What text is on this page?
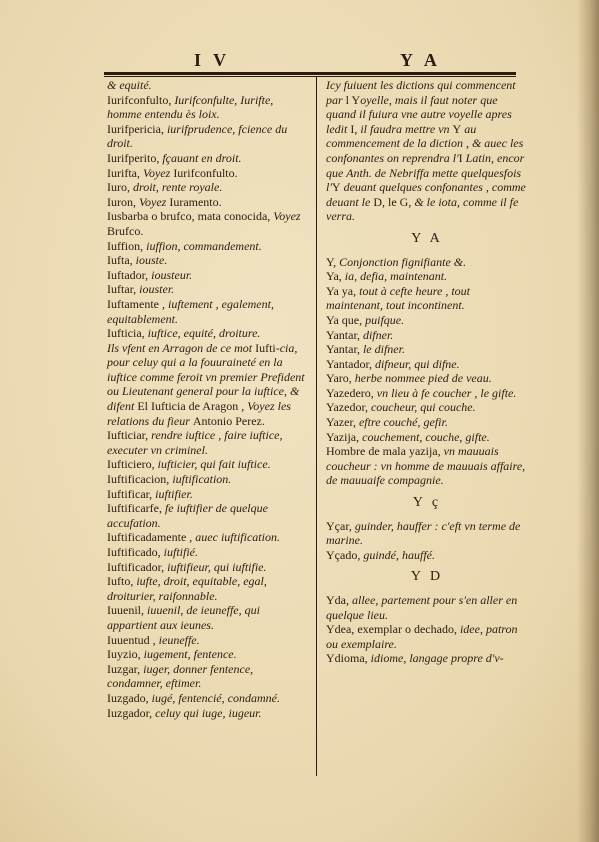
I V	Y A

& equité.

Iurifconfulto, Iurifconfulte, Iurifte, homme entendu ès loix.

Iurifpericia, iurifprudence, fcience du droit.

Iurifperito, fçauant en droit.

Iurifta, Voyez Iurifconfulto.

Iuro, droit, rente royale.

Iuron, Voyez Iuramento.

Iusbarba o brufco, mata conocida, Voyez Brufco.

Iuffion, iuffion, commandement.

Iufta, iouste.

Iuftador, iousteur.

Iuftar, iouster.

Iuftamente , iuftement , egalement, equitablement.

Iufticia, iuftice, equité, droiture.

Ils vfent en Arragon de ce mot Iufti-cia, pour celuy qui a la fouuraineté en la iuftice comme feroit vn premier Prefident ou Lieutenant general pour la iuftice, & difent El Iufticia de Aragon , Voyez les relations du fieur Antonio Perez.

Iufticiar, rendre iuftice , faire iuftice, executer vn criminel.

Iufticiero, iufticier, qui fait iuftice.

Iuftificacion, iuftification.

Iuftificar, iuftifier.

Iuftificarfe, fe iuftifier de quelque accufation.

Iuftificadamente , auec iuftification.

Iuftificado, iuftifié.

Iuftificador, iuftifieur, qui iuftifie.

Iufto, iufte, droit, equitable, egal, droiturier, raifonnable.

Iuuenil, iuuenil, de ieuneffe, qui appartient aux ieunes.

Iuuentud , ieuneffe.

Iuyzio, iugement, fentence.

Iuzgar, iuger, donner fentence, condamner, eftimer.

Iuzgado, iugé, fentencié, condamné.

Iuzgador, celuy qui iuge, iugeur.

Icy fuiuent les dictions qui commencent par l Yoyelle, mais il faut noter que quand il fuiura vne autre voyelle apres ledit I, il faudra mettre vn Y au commencement de la diction , & auec les confonantes on reprendra l'I Latin, encor que Anth. de Nebriffa mette quelquesfois l'Y deuant quelques confonantes , comme deuant le D, le G, & le iota, comme il fe verra.

Y A

Y, Conjonction fignifiante &.

Ya, ia, defia, maintenant.

Ya ya, tout à cefte heure , tout maintenant, tout incontinent.

Ya que, puifque.

Yantar, difner.

Yantar, le difner.

Yantador, difneur, qui difne.

Yaro, herbe nommee pied de veau.

Yazedero, vn lieu à fe coucher , le gifte.

Yazedor, coucheur, qui couche.

Yazer, eftre couché, gefir.

Yazija, couchement, couche, gifte.

Hombre de mala yazija, vn mauuais coucheur : vn homme de mauuais affaire, de mauuaife compagnie.

Y ç

Yçar, guinder, hauffer : c'eft vn terme de marine.

Yçado, guindé, hauffé.

Y D

Yda, allee, partement pour s'en aller en quelque lieu.

Ydea, exemplar o dechado, idee, patron ou exemplaire.

Ydioma, idiome, langage propre d'v-
